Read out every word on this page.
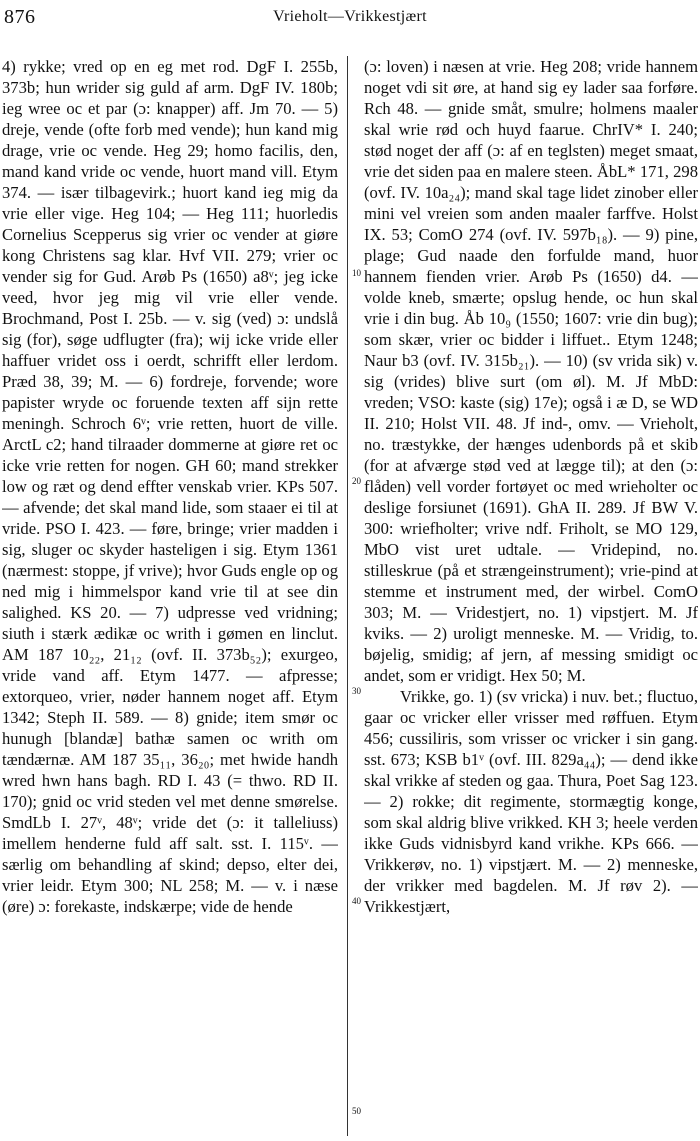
876	Vrieholt—Vrikkestjært

4) rykke; vred op en eg met rod. DgF I. 255b, 373b; hun wrider sig guld af arm. DgF IV. 180b; ieg wree oc et par (ɔ: knapper) aff. Jm 70. — 5) dreje, vende (ofte forb med vende); hun kand mig drage, vrie oc vende. Heg 29; homo facilis, den, mand kand vride oc vende, huort mand vill. Etym 374. — især tilbagevirk.; huort kand ieg mig da vrie eller vige. Heg 104; — Heg 111; huorledis Cornelius Scepperus sig vrier oc vender at giøre kong Christens sag klar. Hvf VII. 279; vrier oc vender sig for Gud. Arøb Ps (1650) a8ᵛ; jeg icke veed, hvor jeg mig vil vrie eller vende. Brochmand, Post I. 25b. — v. sig (ved) ɔ: undslå sig (for), søge udflugter (fra); wij icke vride eller haffuer vridet oss i oerdt, schrifft eller lerdom. Præd 38, 39; M. — 6) fordreje, forvende; wore papister wryde oc foruende texten aff sijn rette meningh. Schroch 6ᵛ; vrie retten, huort de ville. ArctL c2; hand tilraader dommerne at giøre ret oc icke vrie retten for nogen. GH 60; mand strekker low og ræt og dend effter venskab vrier. KPs 507. — afvende; det skal mand lide, som staaer ei til at vride. PSO I. 423. — føre, bringe; vrier madden i sig, sluger oc skyder hasteligen i sig. Etym 1361 (nærmest: stoppe, jf vrive); hvor Guds engle op og ned mig i himmelspor kand vrie til at see din salighed. KS 20. — 7) udpresse ved vridning; siuth i stærk ædikæ oc writh i gømen en linclut. AM 187 10₂₂, 21₁₂ (ovf. II. 373b₅₂); exurgeo, vride vand aff. Etym 1477. — afpresse; extorqueo, vrier, nøder hannem noget aff. Etym 1342; Steph II. 589. — 8) gnide; item smør oc hunugh [blandæ] bathæ samen oc writh om tændærnæ. AM 187 35₁₁, 36₂₀; met hwide handh wred hwn hans bagh. RD I. 43 (= thwo. RD II. 170); gnid oc vrid steden vel met denne smørelse. SmdLb I. 27ᵛ, 48ᵛ; vride det (ɔ: it talleliuss) imellem henderne fuld aff salt. sst. I. 115ᵛ. — særlig om behandling af skind; depso, elter dei, vrier leidr. Etym 300; NL 258; M. — v. i næse (øre) ɔ: forekaste, indskærpe; vide de hende

10
20
30
40
50

(ɔ: loven) i næsen at vrie. Heg 208; vride hannem noget vdi sit øre, at hand sig ey lader saa forføre. Rch 48. — gnide småt, smulre; holmens maaler skal wrie rød och huyd faarue. ChrIV* I. 240; stød noget der aff (ɔ: af en teglsten) meget smaat, vrie det siden paa en malere steen. ÅbL* 171, 298 (ovf. IV. 10a₂₄); mand skal tage lidet zinober eller mini vel vreien som anden maaler farffve. Holst IX. 53; ComO 274 (ovf. IV. 597b₁₈). — 9) pine, plage; Gud naade den forfulde mand, huor hannem fienden vrier. Arøb Ps (1650) d4. — volde kneb, smærte; opslug hende, oc hun skal vrie i din bug. Åb 10₉ (1550; 1607: vrie din bug); som skær, vrier oc bidder i liffuet.. Etym 1248; Naur b3 (ovf. IV. 315b₂₁). — 10) (sv vrida sik) v. sig (vrides) blive surt (om øl). M. Jf MbD: vreden; VSO: kaste (sig) 17e); også i æ D, se WD II. 210; Holst VII. 48. Jf ind-, omv. — Vrieholt, no. træstykke, der hænges udenbords på et skib (for at afværge stød ved at lægge til); at den (ɔ: flåden) vell vorder fortøyet oc med wrieholter oc deslige forsiunet (1691). GhA II. 289. Jf BW V. 300: wriefholter; vrive ndf. Friholt, se MO 129, MbO vist uret udtale. — Vridepind, no. stilleskrue (på et strængeinstrument); vrie-pind at stemme et instrument med, der wirbel. ComO 303; M. — Vridestjert, no. 1) vipstjert. M. Jf kviks. — 2) uroligt menneske. M. — Vridig, to. bøjelig, smidig; af jern, af messing smidigt oc andet, som er vridigt. Hex 50; M.

Vrikke, go. 1) (sv vricka) i nuv. bet.; fluctuo, gaar oc vricker eller vrisser med røffuen. Etym 456; cussiliris, som vrisser oc vricker i sin gang. sst. 673; KSB b1ᵛ (ovf. III. 829a₄₄); — dend ikke skal vrikke af steden og gaa. Thura, Poet Sag 123. — 2) rokke; dit regimente, stormægtig konge, som skal aldrig blive vrikked. KH 3; heele verden ikke Guds vidnisbyrd kand vrikhe. KPs 666. — Vrikkerøv, no. 1) vipstjært. M. — 2) menneske, der vrikker med bagdelen. M. Jf røv 2). — Vrikkestjært,
